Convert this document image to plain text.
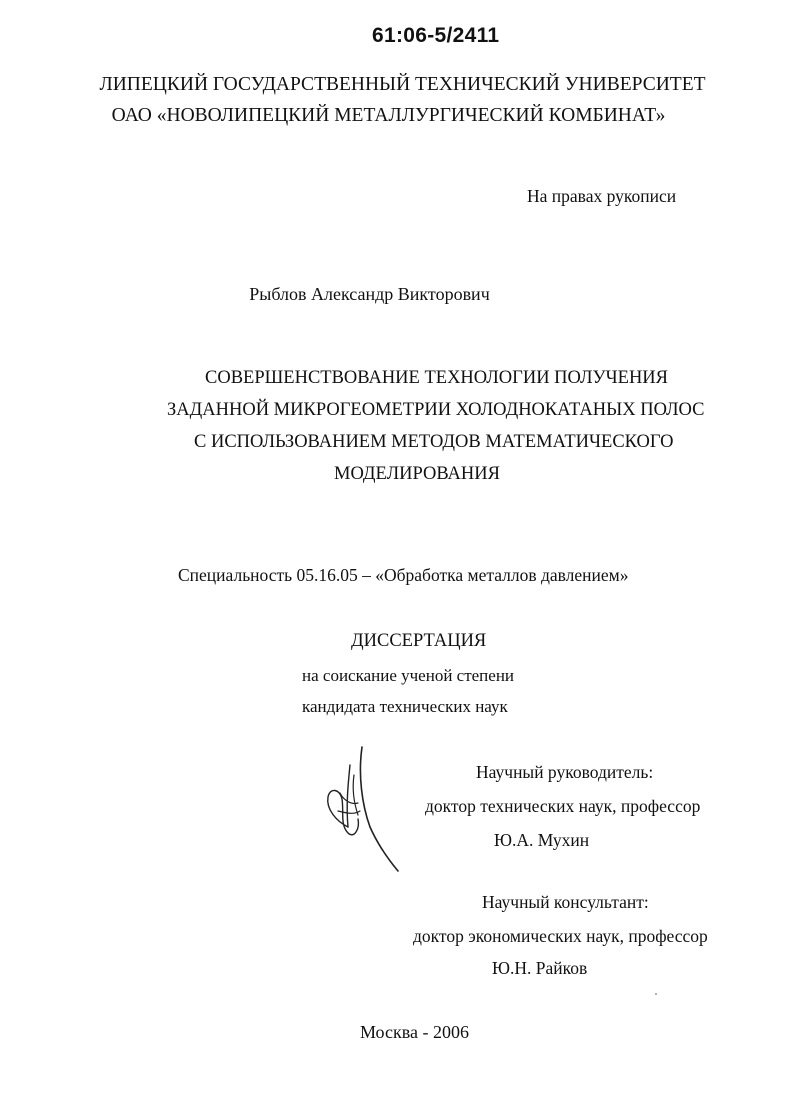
61:06-5/2411
ЛИПЕЦКИЙ ГОСУДАРСТВЕННЫЙ ТЕХНИЧЕСКИЙ УНИВЕРСИТЕТ
ОАО «НОВОЛИПЕЦКИЙ МЕТАЛЛУРГИЧЕСКИЙ КОМБИНАТ»
На правах рукописи
Рыблов Александр Викторович
СОВЕРШЕНСТВОВАНИЕ ТЕХНОЛОГИИ ПОЛУЧЕНИЯ
ЗАДАННОЙ МИКРОГЕОМЕТРИИ ХОЛОДНОКАТАНЫХ ПОЛОС
С ИСПОЛЬЗОВАНИЕМ МЕТОДОВ МАТЕМАТИЧЕСКОГО
МОДЕЛИРОВАНИЯ
Специальность 05.16.05 – «Обработка металлов давлением»
ДИССЕРТАЦИЯ
на соискание ученой степени
кандидата технических наук
Научный руководитель:
доктор технических наук, профессор
Ю.А. Мухин
Научный консультант:
доктор экономических наук, профессор
Ю.Н. Райков
Москва - 2006
